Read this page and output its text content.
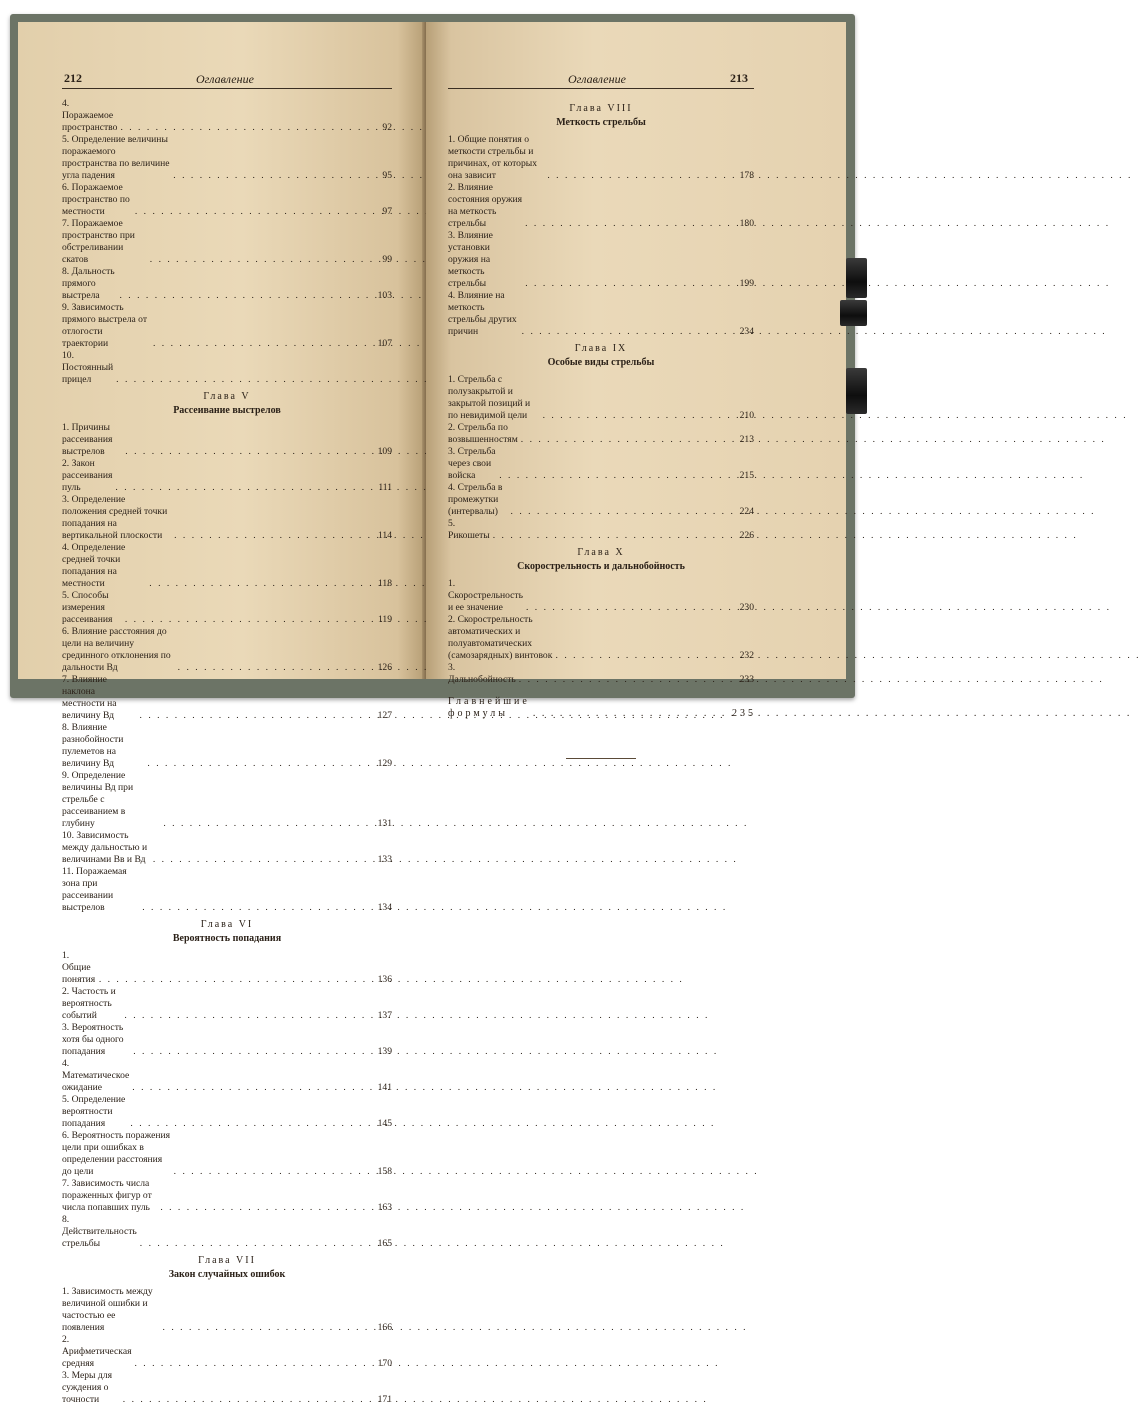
212	Оглавление
4. Поражаемое пространство . . .	92
5. Определение величины поражаемого пространства по величине угла падения . . .	95
6. Поражаемое пространство по местности . . .	97
7. Поражаемое пространство при обстреливании скатов . . .	99
8. Дальность прямого выстрела . . .	103
9. Зависимость прямого выстрела от отлогости траектории . . .	107
10. Постоянный прицел
. . .
Глава V
Рассеивание выстрелов
1. Причины рассеивания выстрелов . . .	109
2. Закон рассеивания пуль . . .	111
3. Определение положения средней точки попадания на вертикальной плоскости . . .	114
4. Определение средней точки попадания на местности . . .	118
5. Способы измерения рассеивания . . .	119
6. Влияние расстояния до цели на величину срединного отклонения по дальности Вд . . .	126
7. Влияние наклона местности на величину Вд . . .	127
8. Влияние разнобойности пулеметов на величину Вд . . .	129
9. Определение величины Вд при стрельбе с рассеиванием в глубину . . .	131
10. Зависимость между дальностью и величинами Вв и Вд . . .	133
11. Поражаемая зона при рассеивании выстрелов . . .	134
Глава VI
Вероятность попадания
1. Общие понятия . . .	136
2. Частость и вероятность событий . . .	137
3. Вероятность хотя бы одного попадания . . .	139
4. Математическое ожидание . . .	141
5. Определение вероятности попадания . . .	145
6. Вероятность поражения цели при ошибках в определении расстояния до цели . . .	158
7. Зависимость числа пораженных фигур от числа попавших пуль . . .	163
8. Действительность стрельбы . . .	165
Глава VII
Закон случайных ошибок
1. Зависимость между величиной ошибки и частостью ее появления . . .	166
2. Арифметическая средняя . . .	170
3. Меры для суждения о точности . . .	171
Оглавление	213
Глава VIII
Меткость стрельбы
1. Общие понятия о меткости стрельбы и причинах, от которых она зависит . . .	178
2. Влияние состояния оружия на меткость стрельбы . . .	180
3. Влияние установки оружия на меткость стрельбы . . .	199
4. Влияние на меткость стрельбы других причин . . .	234
Глава IX
Особые виды стрельбы
1. Стрельба с полузакрытой и закрытой позиций и по невидимой цели . . .	210
2. Стрельба по возвышенностям . . .	213
3. Стрельба через свои войска . . .	215
4. Стрельба в промежутки (интервалы) . . .	224
5. Рикошеты . . .	226
Глава X
Скорострельность и дальнобойность
1. Скорострельность и ее значение . . .	230
2. Скорострельность автоматических и полуавтоматических (самозарядных) винтовок . . .	232
3. Дальнобойность . . .	233
Главнейшие формулы . . .	235
